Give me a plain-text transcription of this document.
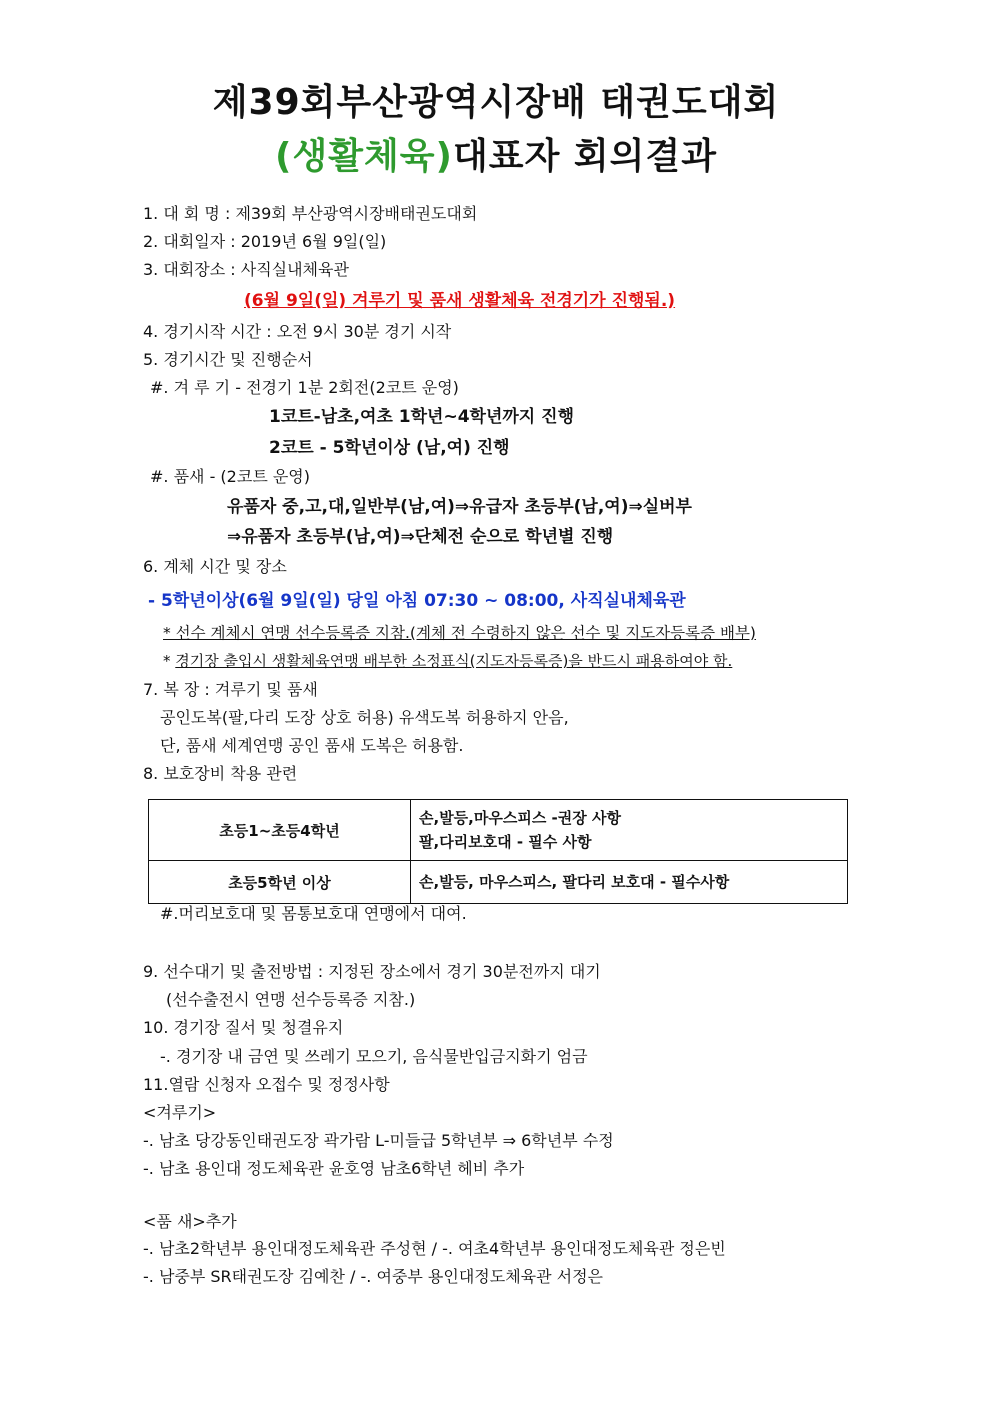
제39회부산광역시장배 태권도대회
(생활체육)대표자 회의결과
1. 대 회 명 : 제39회 부산광역시장배태권도대회
2. 대회일자 : 2019년 6월 9일(일)
3. 대회장소 : 사직실내체육관
(6월 9일(일) 겨루기 및 품새 생활체육 전경기가 진행됨.)
4. 경기시작 시간 : 오전 9시 30분 경기 시작
5. 경기시간 및 진행순서
#. 겨 루 기 - 전경기 1분 2회전(2코트 운영)
1코트-남초,여초 1학년~4학년까지 진행
2코트 - 5학년이상 (남,여) 진행
#. 품새 - (2코트 운영)
유품자 중,고,대,일반부(남,여)⇒유급자 초등부(남,여)⇒실버부
⇒유품자 초등부(남,여)⇒단체전 순으로 학년별 진행
6. 계체 시간 및 장소
- 5학년이상(6월 9일(일) 당일 아침 07:30 ~ 08:00, 사직실내체육관
* 선수 계체시 연맹 선수등록증 지참.(계체 전 수령하지 않은 선수 및 지도자등록증 배부)
* 경기장 출입시 생활체육연맹 배부한 소정표식(지도자등록증)을 반드시 패용하여야 함.
7. 복 장 : 겨루기 및 품새
공인도복(팔,다리 도장 상호 허용) 유색도복 허용하지 안음,
단, 품새 세계연맹 공인 품새 도복은 허용함.
8. 보호장비 착용 관련
초등1~초등4학년	손,발등,마우스피스 -권장 사항
팔,다리보호대 - 필수 사항

초등5학년 이상	손,발등, 마우스피스, 팔다리 보호대 - 필수사항
#.머리보호대 및 몸통보호대 연맹에서 대여.
9. 선수대기 및 출전방법 : 지정된 장소에서 경기 30분전까지 대기
(선수출전시 연맹 선수등록증 지참.)
10. 경기장 질서 및 청결유지
-. 경기장 내 금연 및 쓰레기 모으기, 음식물반입금지화기 엄금
11.열람 신청자 오접수 및 정정사항
<겨루기>
-. 남초 당강동인태권도장 곽가람 L-미들급 5학년부 ⇒ 6학년부 수정
-. 남초 용인대 정도체육관 윤호영 남초6학년 헤비 추가
<품 새>추가
-. 남초2학년부 용인대정도체육관 주성현 / -. 여초4학년부 용인대정도체육관 정은빈
-. 남중부 SR태권도장 김예찬 / -. 여중부 용인대정도체육관 서정은
